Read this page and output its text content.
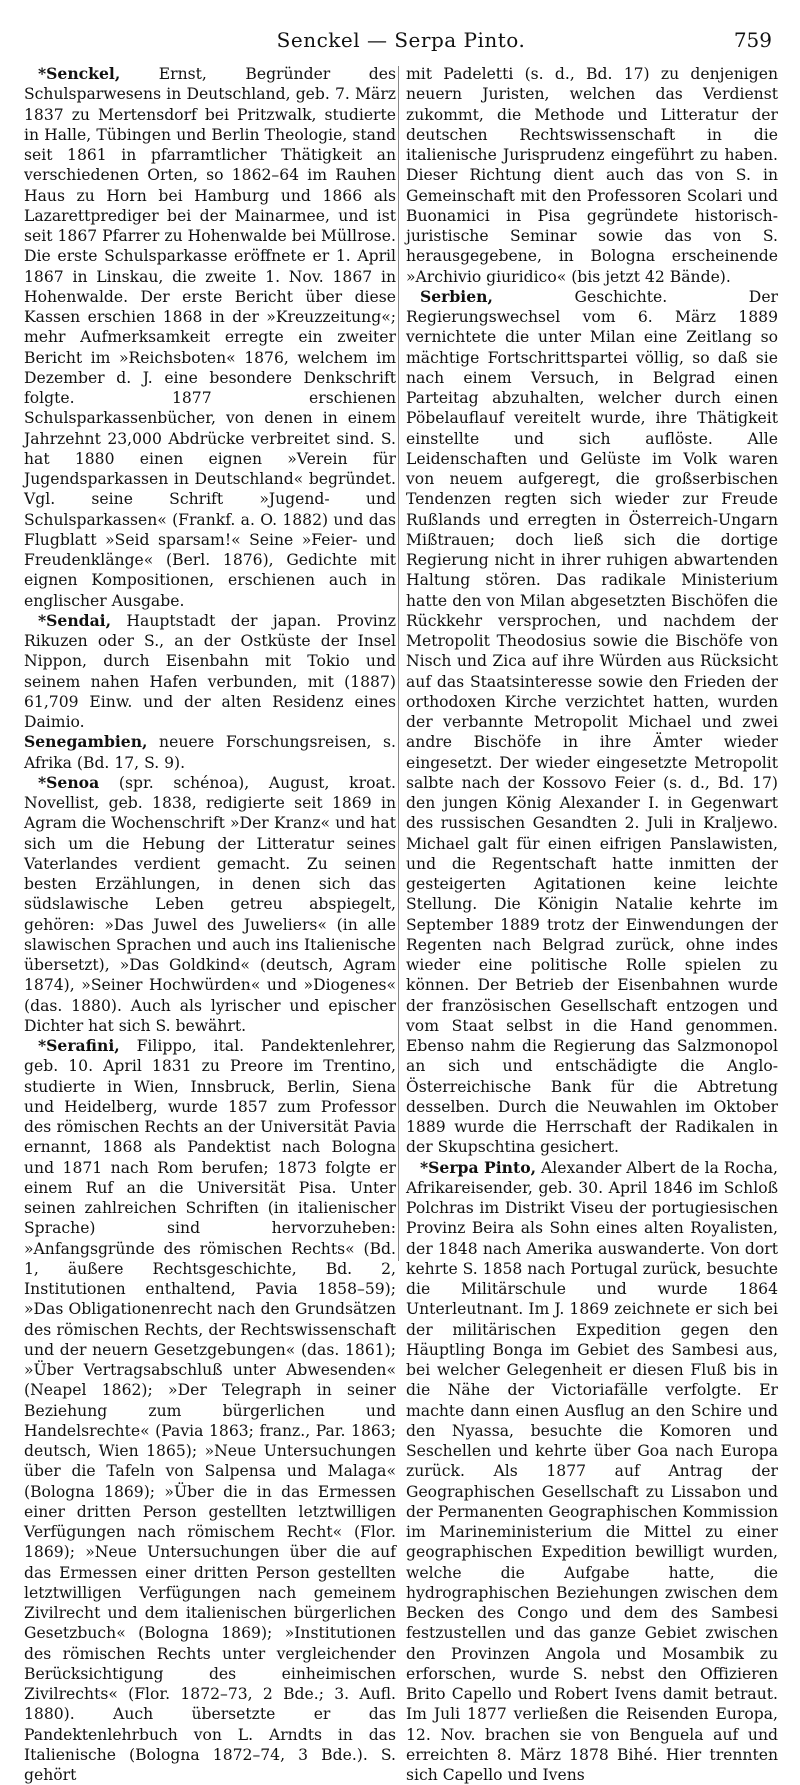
Senckel — Serpa Pinto.	759

*Senckel, Ernst, Begründer des Schulsparwesens in Deutschland, geb. 7. März 1837 zu Mertensdorf bei Pritzwalk, studierte in Halle, Tübingen und Berlin Theologie, stand seit 1861 in pfarramtlicher Thätigkeit an verschiedenen Orten, so 1862–64 im Rauhen Haus zu Horn bei Hamburg und 1866 als Lazarettprediger bei der Mainarmee, und ist seit 1867 Pfarrer zu Hohenwalde bei Müllrose. Die erste Schulsparkasse eröffnete er 1. April 1867 in Linskau, die zweite 1. Nov. 1867 in Hohenwalde. Der erste Bericht über diese Kassen erschien 1868 in der »Kreuzzeitung«; mehr Aufmerksamkeit erregte ein zweiter Bericht im »Reichsboten« 1876, welchem im Dezember d. J. eine besondere Denkschrift folgte. 1877 erschienen Schulsparkassenbücher, von denen in einem Jahrzehnt 23,000 Abdrücke verbreitet sind. S. hat 1880 einen eignen »Verein für Jugendsparkassen in Deutschland« begründet. Vgl. seine Schrift »Jugend- und Schulsparkassen« (Frankf. a. O. 1882) und das Flugblatt »Seid sparsam!« Seine »Feier- und Freudenklänge« (Berl. 1876), Gedichte mit eignen Kompositionen, erschienen auch in englischer Ausgabe.

*Sendai, Hauptstadt der japan. Provinz Rikuzen oder S., an der Ostküste der Insel Nippon, durch Eisenbahn mit Tokio und seinem nahen Hafen verbunden, mit (1887) 61,709 Einw. und der alten Residenz eines Daimio.

Senegambien, neuere Forschungsreisen, s. Afrika (Bd. 17, S. 9).

*Senoa (spr. schénoa), August, kroat. Novellist, geb. 1838, redigierte seit 1869 in Agram die Wochenschrift »Der Kranz« und hat sich um die Hebung der Litteratur seines Vaterlandes verdient gemacht. Zu seinen besten Erzählungen, in denen sich das südslawische Leben getreu abspiegelt, gehören: »Das Juwel des Juweliers« (in alle slawischen Sprachen und auch ins Italienische übersetzt), »Das Goldkind« (deutsch, Agram 1874), »Seiner Hochwürden« und »Diogenes« (das. 1880). Auch als lyrischer und epischer Dichter hat sich S. bewährt.

*Serafini, Filippo, ital. Pandektenlehrer, geb. 10. April 1831 zu Preore im Trentino, studierte in Wien, Innsbruck, Berlin, Siena und Heidelberg, wurde 1857 zum Professor des römischen Rechts an der Universität Pavia ernannt, 1868 als Pandektist nach Bologna und 1871 nach Rom berufen; 1873 folgte er einem Ruf an die Universität Pisa. Unter seinen zahlreichen Schriften (in italienischer Sprache) sind hervorzuheben: »Anfangsgründe des römischen Rechts« (Bd. 1, äußere Rechtsgeschichte, Bd. 2, Institutionen enthaltend, Pavia 1858–59); »Das Obligationenrecht nach den Grundsätzen des römischen Rechts, der Rechtswissenschaft und der neuern Gesetzgebungen« (das. 1861); »Über Vertragsabschluß unter Abwesenden« (Neapel 1862); »Der Telegraph in seiner Beziehung zum bürgerlichen und Handelsrechte« (Pavia 1863; franz., Par. 1863; deutsch, Wien 1865); »Neue Untersuchungen über die Tafeln von Salpensa und Malaga« (Bologna 1869); »Über die in das Ermessen einer dritten Person gestellten letztwilligen Verfügungen nach römischem Recht« (Flor. 1869); »Neue Untersuchungen über die auf das Ermessen einer dritten Person gestellten letztwilligen Verfügungen nach gemeinem Zivilrecht und dem italienischen bürgerlichen Gesetzbuch« (Bologna 1869); »Institutionen des römischen Rechts unter vergleichender Berücksichtigung des einheimischen Zivilrechts« (Flor. 1872–73, 2 Bde.; 3. Aufl. 1880). Auch übersetzte er das Pandektenlehrbuch von L. Arndts in das Italienische (Bologna 1872–74, 3 Bde.). S. gehört

mit Padeletti (s. d., Bd. 17) zu denjenigen neuern Juristen, welchen das Verdienst zukommt, die Methode und Litteratur der deutschen Rechtswissenschaft in die italienische Jurisprudenz eingeführt zu haben. Dieser Richtung dient auch das von S. in Gemeinschaft mit den Professoren Scolari und Buonamici in Pisa gegründete historisch-juristische Seminar sowie das von S. herausgegebene, in Bologna erscheinende »Archivio giuridico« (bis jetzt 42 Bände).

Serbien, Geschichte. Der Regierungswechsel vom 6. März 1889 vernichtete die unter Milan eine Zeitlang so mächtige Fortschrittspartei völlig, so daß sie nach einem Versuch, in Belgrad einen Parteitag abzuhalten, welcher durch einen Pöbelauflauf vereitelt wurde, ihre Thätigkeit einstellte und sich auflöste. Alle Leidenschaften und Gelüste im Volk waren von neuem aufgeregt, die großserbischen Tendenzen regten sich wieder zur Freude Rußlands und erregten in Österreich-Ungarn Mißtrauen; doch ließ sich die dortige Regierung nicht in ihrer ruhigen abwartenden Haltung stören. Das radikale Ministerium hatte den von Milan abgesetzten Bischöfen die Rückkehr versprochen, und nachdem der Metropolit Theodosius sowie die Bischöfe von Nisch und Zica auf ihre Würden aus Rücksicht auf das Staatsinteresse sowie den Frieden der orthodoxen Kirche verzichtet hatten, wurden der verbannte Metropolit Michael und zwei andre Bischöfe in ihre Ämter wieder eingesetzt. Der wieder eingesetzte Metropolit salbte nach der Kossovo Feier (s. d., Bd. 17) den jungen König Alexander I. in Gegenwart des russischen Gesandten 2. Juli in Kraljewo. Michael galt für einen eifrigen Panslawisten, und die Regentschaft hatte inmitten der gesteigerten Agitationen keine leichte Stellung. Die Königin Natalie kehrte im September 1889 trotz der Einwendungen der Regenten nach Belgrad zurück, ohne indes wieder eine politische Rolle spielen zu können. Der Betrieb der Eisenbahnen wurde der französischen Gesellschaft entzogen und vom Staat selbst in die Hand genommen. Ebenso nahm die Regierung das Salzmonopol an sich und entschädigte die Anglo-Österreichische Bank für die Abtretung desselben. Durch die Neuwahlen im Oktober 1889 wurde die Herrschaft der Radikalen in der Skupschtina gesichert.

*Serpa Pinto, Alexander Albert de la Rocha, Afrikareisender, geb. 30. April 1846 im Schloß Polchras im Distrikt Viseu der portugiesischen Provinz Beira als Sohn eines alten Royalisten, der 1848 nach Amerika auswanderte. Von dort kehrte S. 1858 nach Portugal zurück, besuchte die Militärschule und wurde 1864 Unterleutnant. Im J. 1869 zeichnete er sich bei der militärischen Expedition gegen den Häuptling Bonga im Gebiet des Sambesi aus, bei welcher Gelegenheit er diesen Fluß bis in die Nähe der Victoriafälle verfolgte. Er machte dann einen Ausflug an den Schire und den Nyassa, besuchte die Komoren und Seschellen und kehrte über Goa nach Europa zurück. Als 1877 auf Antrag der Geographischen Gesellschaft zu Lissabon und der Permanenten Geographischen Kommission im Marineministerium die Mittel zu einer geographischen Expedition bewilligt wurden, welche die Aufgabe hatte, die hydrographischen Beziehungen zwischen dem Becken des Congo und dem des Sambesi festzustellen und das ganze Gebiet zwischen den Provinzen Angola und Mosambik zu erforschen, wurde S. nebst den Offizieren Brito Capello und Robert Ivens damit betraut. Im Juli 1877 verließen die Reisenden Europa, 12. Nov. brachen sie von Benguela auf und erreichten 8. März 1878 Bihé. Hier trennten sich Capello und Ivens
